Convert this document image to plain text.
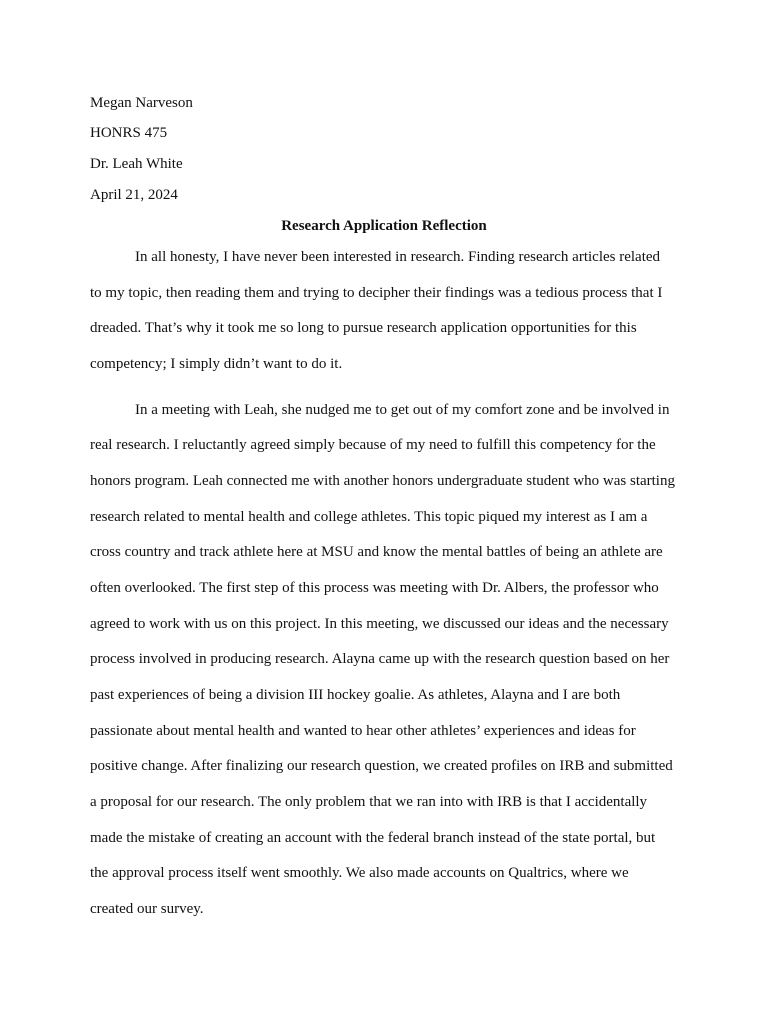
Megan Narveson
HONRS 475
Dr. Leah White
April 21, 2024
Research Application Reflection
In all honesty, I have never been interested in research. Finding research articles related
to my topic, then reading them and trying to decipher their findings was a tedious process that I
dreaded. That’s why it took me so long to pursue research application opportunities for this
competency; I simply didn’t want to do it.
In a meeting with Leah, she nudged me to get out of my comfort zone and be involved in
real research. I reluctantly agreed simply because of my need to fulfill this competency for the
honors program. Leah connected me with another honors undergraduate student who was starting
research related to mental health and college athletes. This topic piqued my interest as I am a
cross country and track athlete here at MSU and know the mental battles of being an athlete are
often overlooked. The first step of this process was meeting with Dr. Albers, the professor who
agreed to work with us on this project. In this meeting, we discussed our ideas and the necessary
process involved in producing research. Alayna came up with the research question based on her
past experiences of being a division III hockey goalie. As athletes, Alayna and I are both
passionate about mental health and wanted to hear other athletes’ experiences and ideas for
positive change. After finalizing our research question, we created profiles on IRB and submitted
a proposal for our research. The only problem that we ran into with IRB is that I accidentally
made the mistake of creating an account with the federal branch instead of the state portal, but
the approval process itself went smoothly. We also made accounts on Qualtrics, where we
created our survey.
